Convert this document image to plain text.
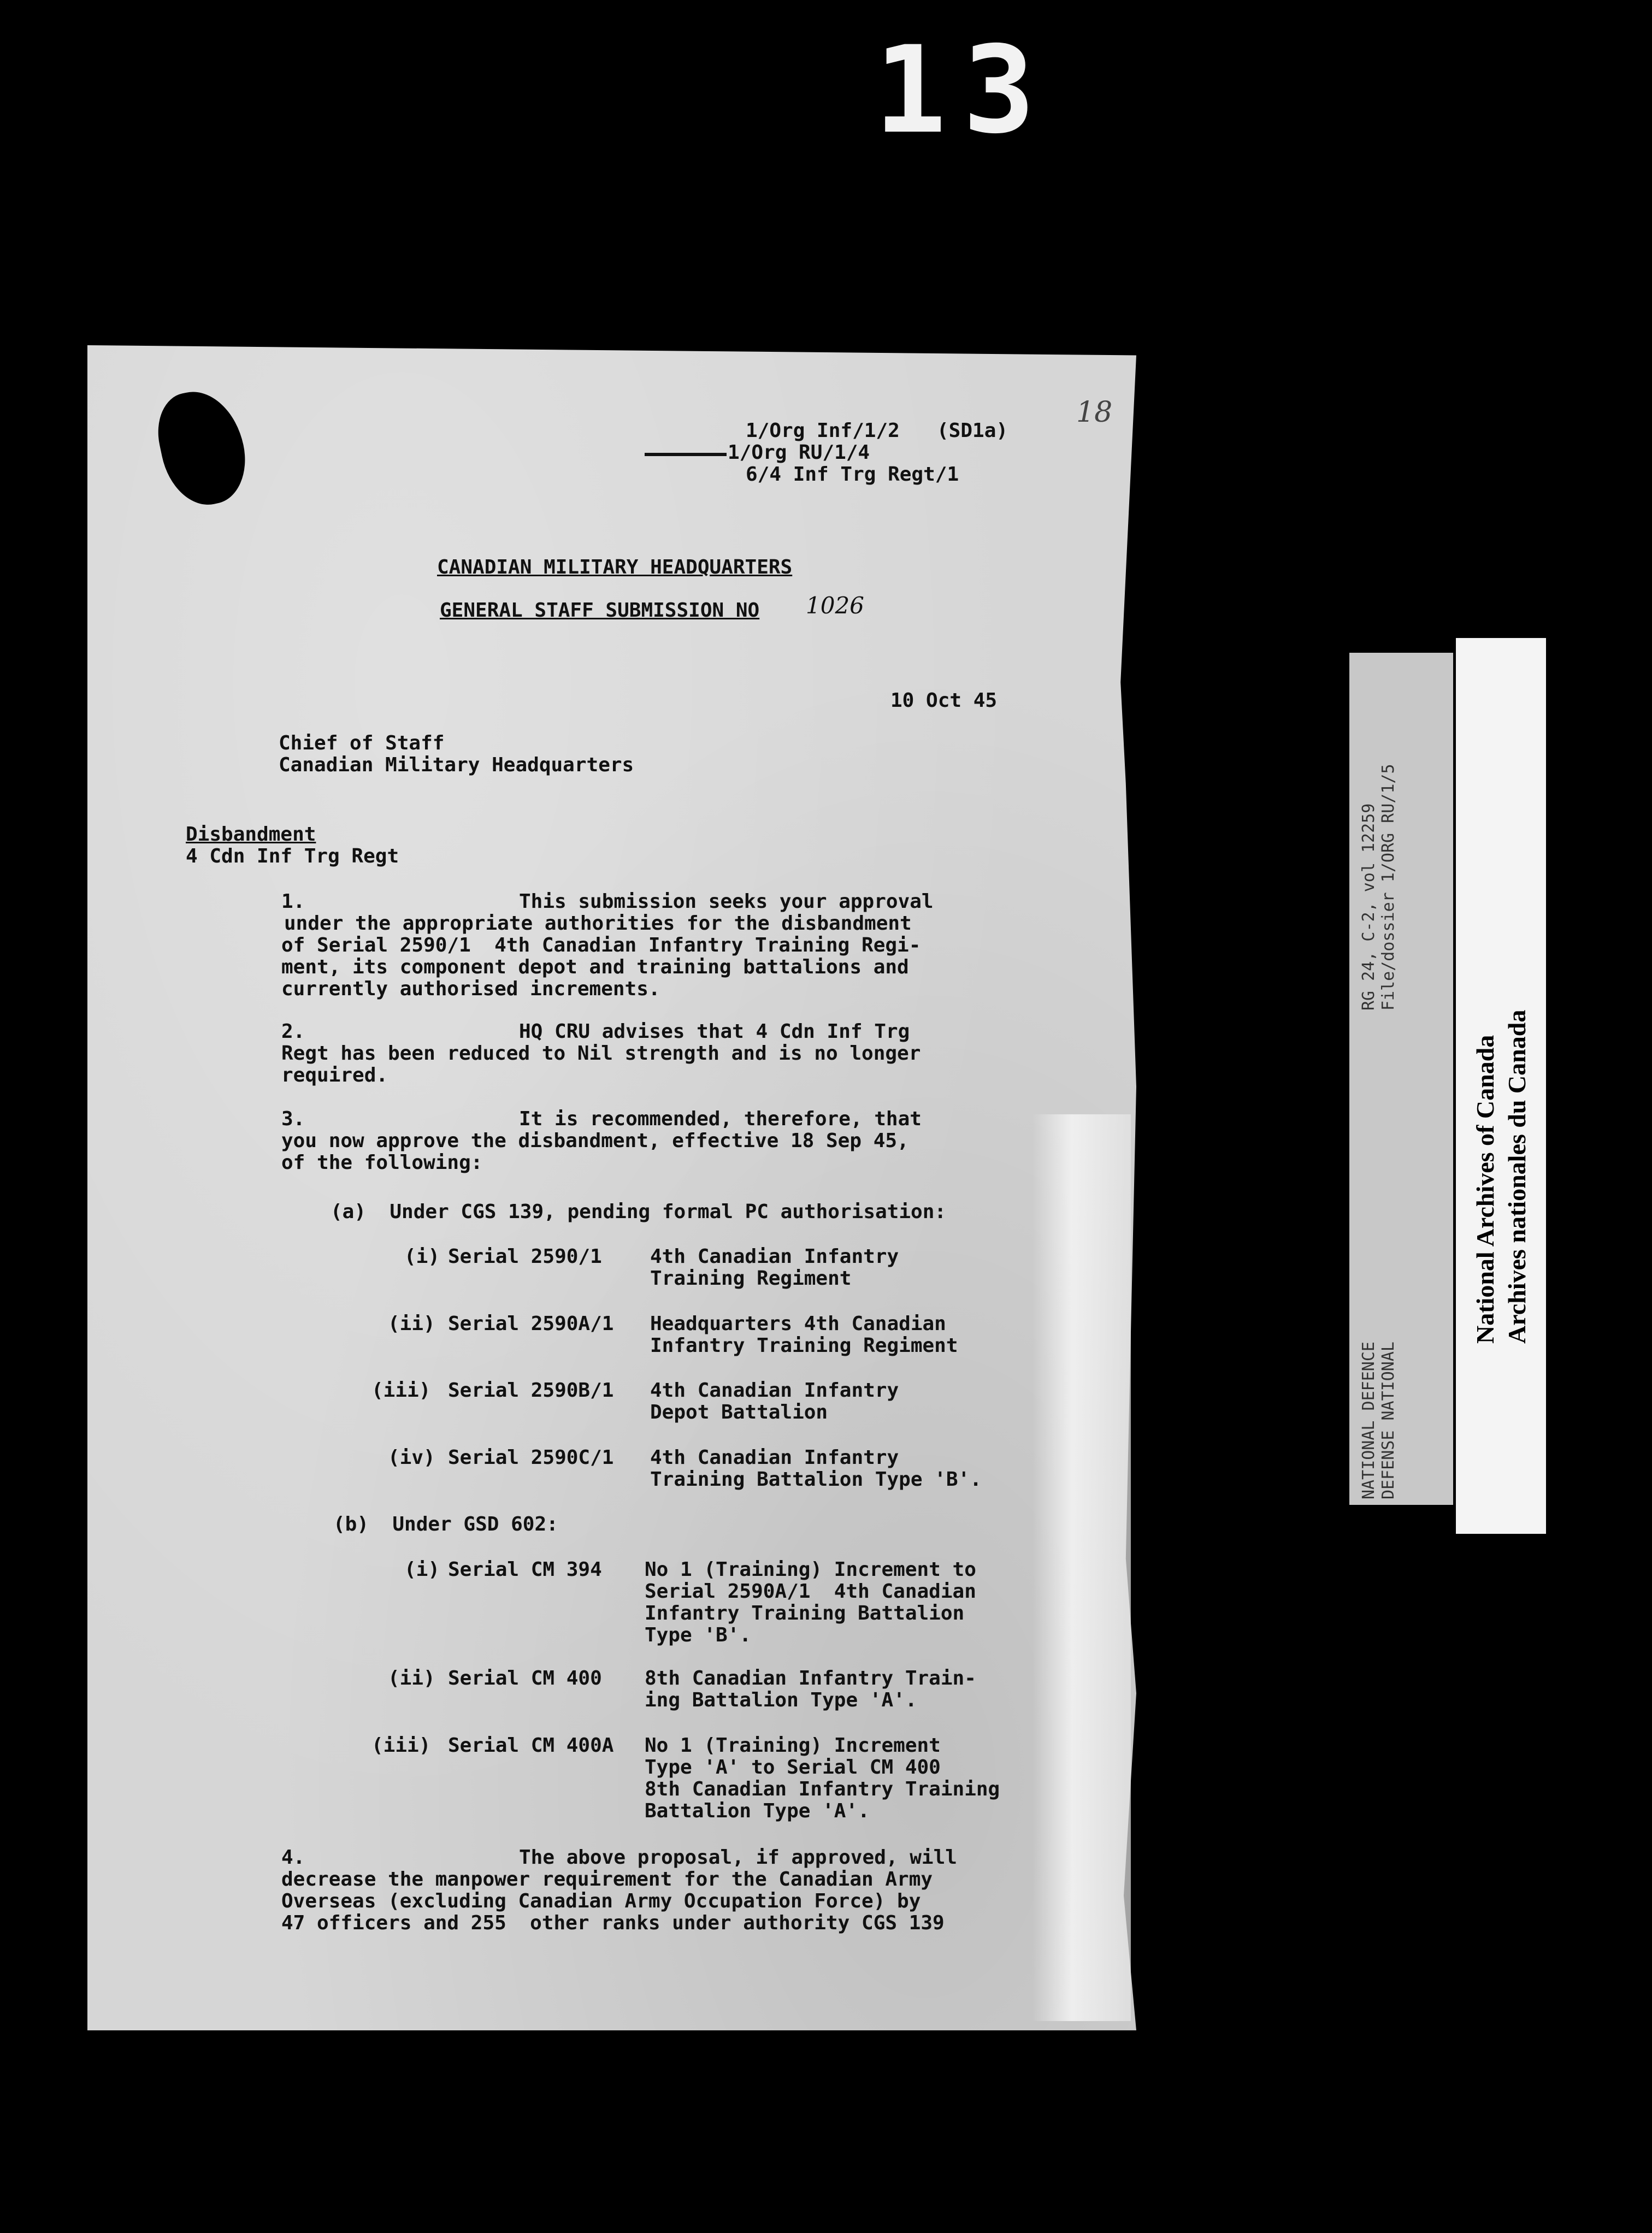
13
1/Org Inf/1/2 (SD1a)
1/Org RU/1/4
6/4 Inf Trg Regt/1
18
CANADIAN MILITARY HEADQUARTERS
GENERAL STAFF SUBMISSION NO 1026
10 Oct 45
Chief of Staff
Canadian Military Headquarters
Disbandment
4 Cdn Inf Trg Regt
1.	This submission seeks your approval
under the appropriate authorities for the disbandment
of Serial 2590/1  4th Canadian Infantry Training Regi-
ment, its component depot and training battalions and
currently authorised increments.
2.	HQ CRU advises that 4 Cdn Inf Trg
Regt has been reduced to Nil strength and is no longer
required.
3.	It is recommended, therefore, that
you now approve the disbandment, effective 18 Sep 45,
of the following:
(a)  Under CGS 139, pending formal PC authorisation:
(i) Serial 2590/1 4th Canadian Infantry
Training Regiment
(ii) Serial 2590A/1 Headquarters 4th Canadian
Infantry Training Regiment
(iii) Serial 2590B/1 4th Canadian Infantry
Depot Battalion
(iv) Serial 2590C/1 4th Canadian Infantry
Training Battalion Type 'B'.
(b)  Under GSD 602:
(i) Serial CM 394 No 1 (Training) Increment to
Serial 2590A/1  4th Canadian
Infantry Training Battalion
Type 'B'.
(ii) Serial CM 400 8th Canadian Infantry Train-
ing Battalion Type 'A'.
(iii) Serial CM 400A No 1 (Training) Increment
Type 'A' to Serial CM 400
8th Canadian Infantry Training
Battalion Type 'A'.
4.	The above proposal, if approved, will
decrease the manpower requirement for the Canadian Army
Overseas (excluding Canadian Army Occupation Force) by
47 officers and 255  other ranks under authority CGS 139
RG 24, C-2, vol 12259 File/dossier 1/ORG RU/1/5
NATIONAL DEFENCE DEFENSE NATIONAL
National Archives of Canada Archives nationales du Canada
